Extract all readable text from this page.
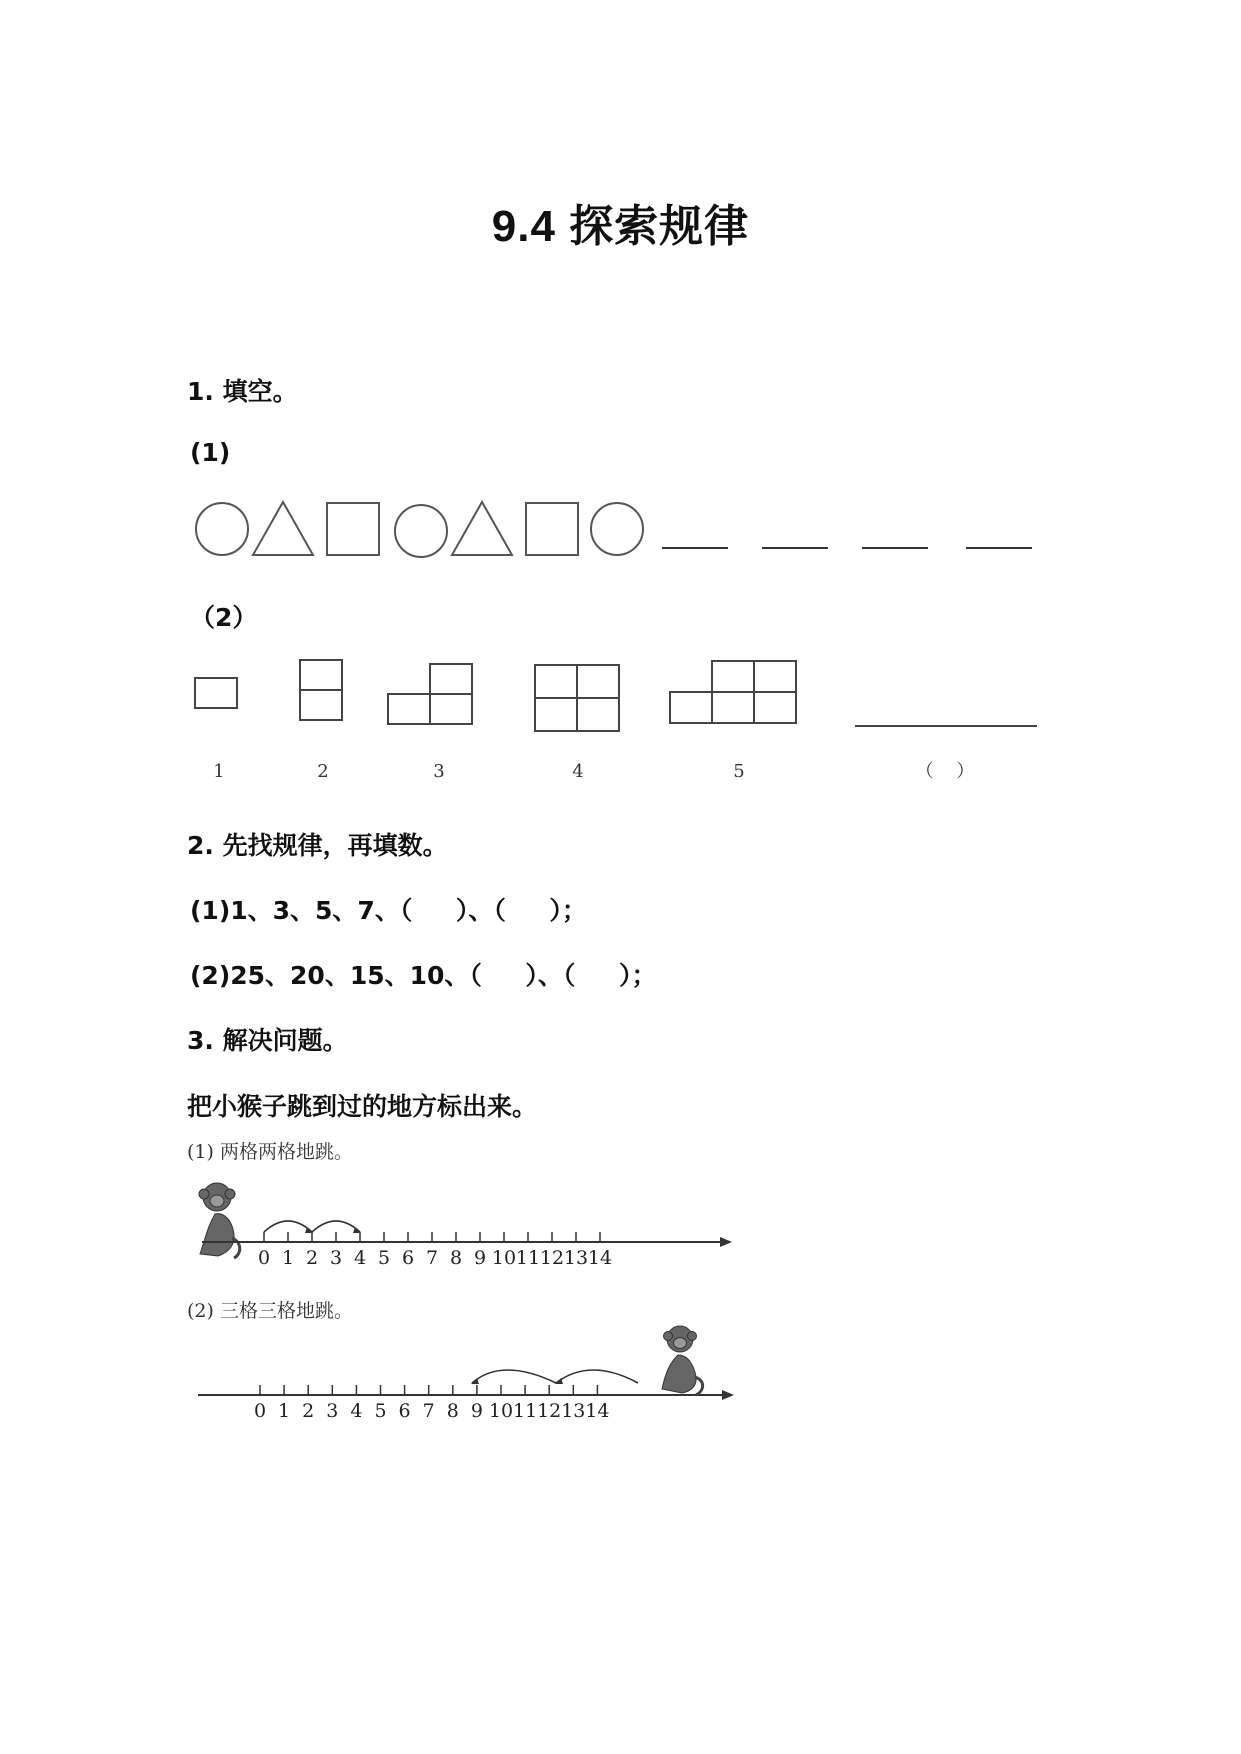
9.4 探索规律
1. 填空。
(1)
（2）
1	2	3	4	5	（    ）
2. 先找规律，再填数。
(1)1、3、5、7、（     ）、（     ）；
(2)25、20、15、10、（     ）、（     ）；
3. 解决问题。
把小猴子跳到过的地方标出来。
(1) 两格两格地跳。
0 1 2 3 4 5 6 7 8 9 10 11 12 13 14
(2) 三格三格地跳。
0 1 2 3 4 5 6 7 8 9 10 11 12 13 14
